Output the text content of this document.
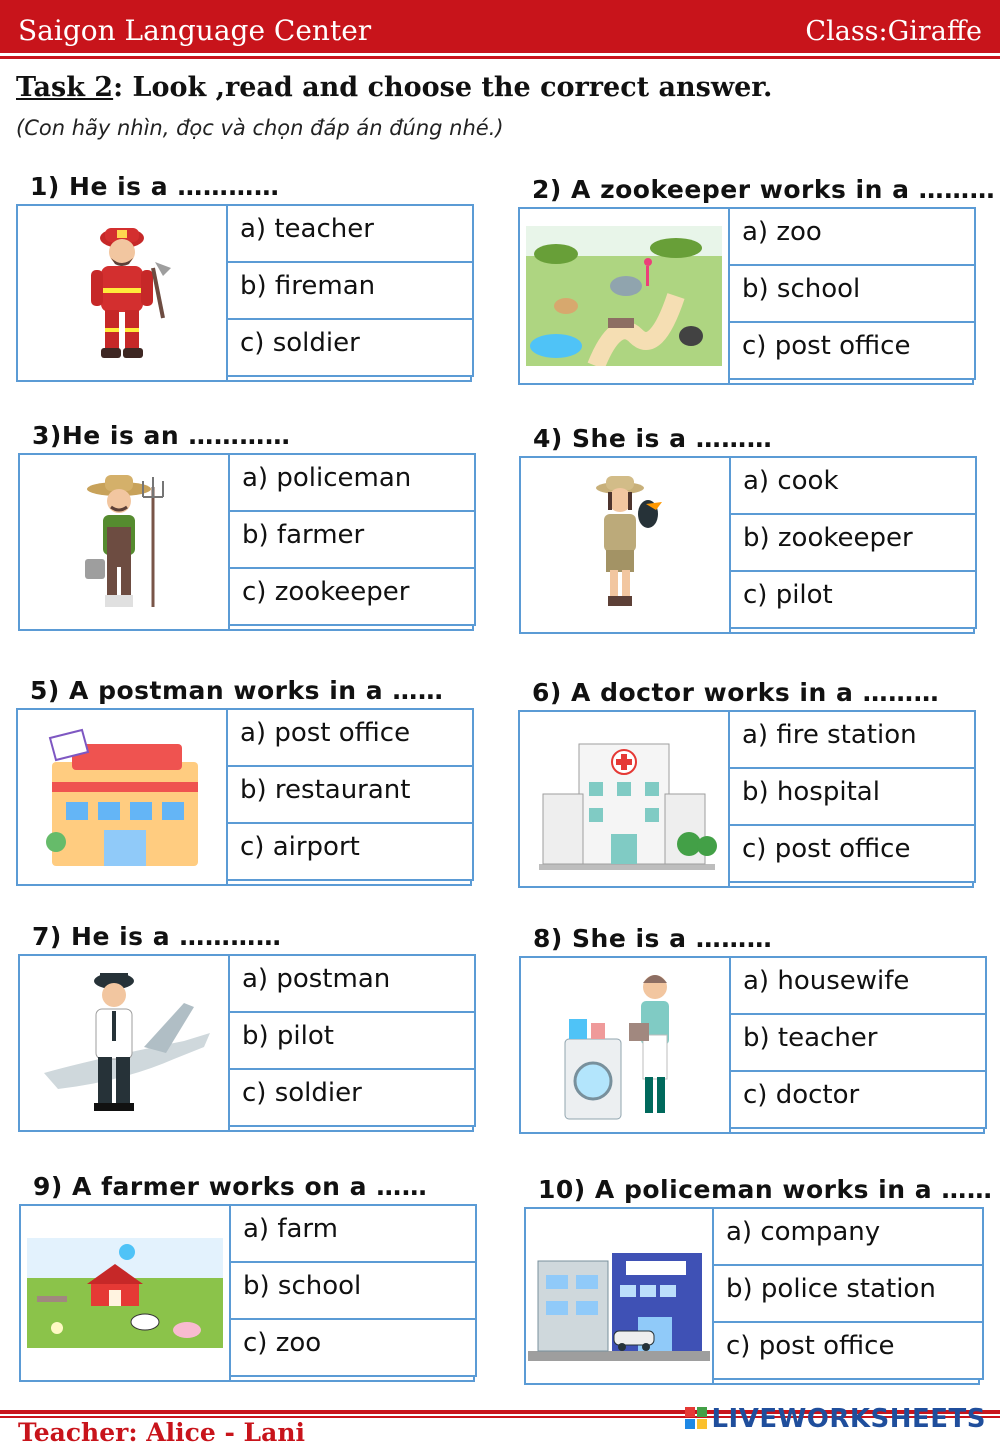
Saigon Language Center	Class:Giraffe
Task 2: Look ,read and choose the correct answer.
(Con hãy nhìn, đọc và chọn đáp án đúng nhé.)
1) He is a …………
a) teacher
b) fireman
c) soldier
2) A zookeeper works in a ………
a) zoo
b) school
c) post office
3)He is an …………
a) policeman
b) farmer
c) zookeeper
4) She is a ………
a) cook
b) zookeeper
c) pilot
5) A postman works in a ……
a) post office
b) restaurant
c) airport
6) A doctor works in a ………
a) fire station
b) hospital
c) post office
7) He is a …………
a) postman
b) pilot
c) soldier
8) She is a ………
a) housewife
b) teacher
c) doctor
9) A farmer works on a ……
a) farm
b) school
c) zoo
10) A policeman works in a ……
a) company
b) police station
c) post office
Teacher: Alice - Lani	LIVEWORKSHEETS
